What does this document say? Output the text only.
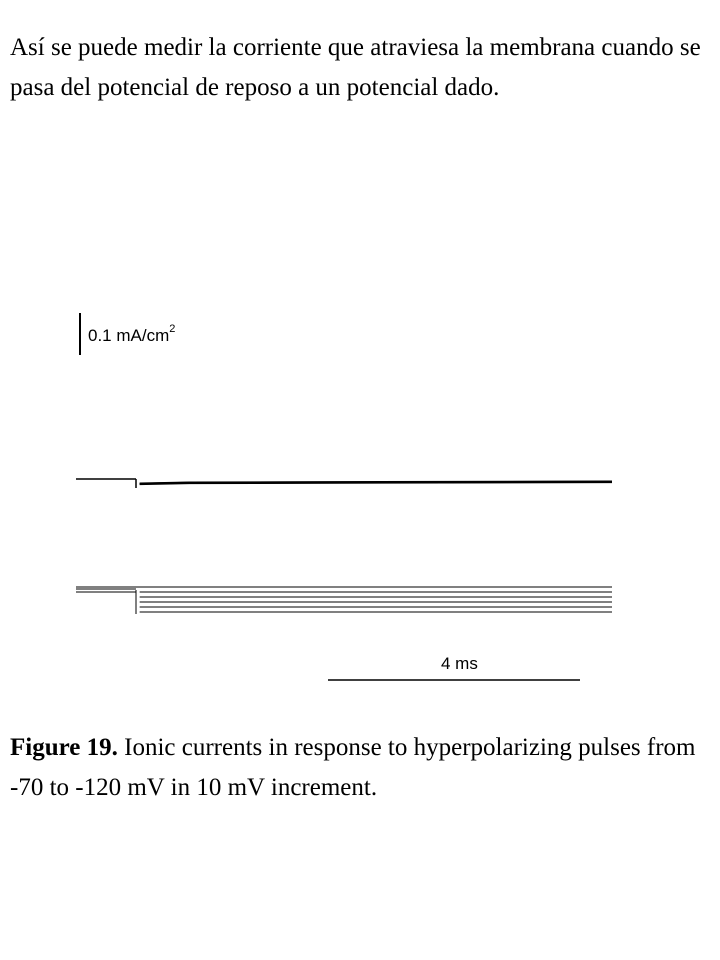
Así se puede medir la corriente que atraviesa la membrana cuando se pasa del potencial de reposo a un potencial dado.
0.1 $mA/cm^2$
4 ms
Figure 19. Ionic currents in response to hyperpolarizing pulses from -70 to -120 mV in 10 mV increment.
